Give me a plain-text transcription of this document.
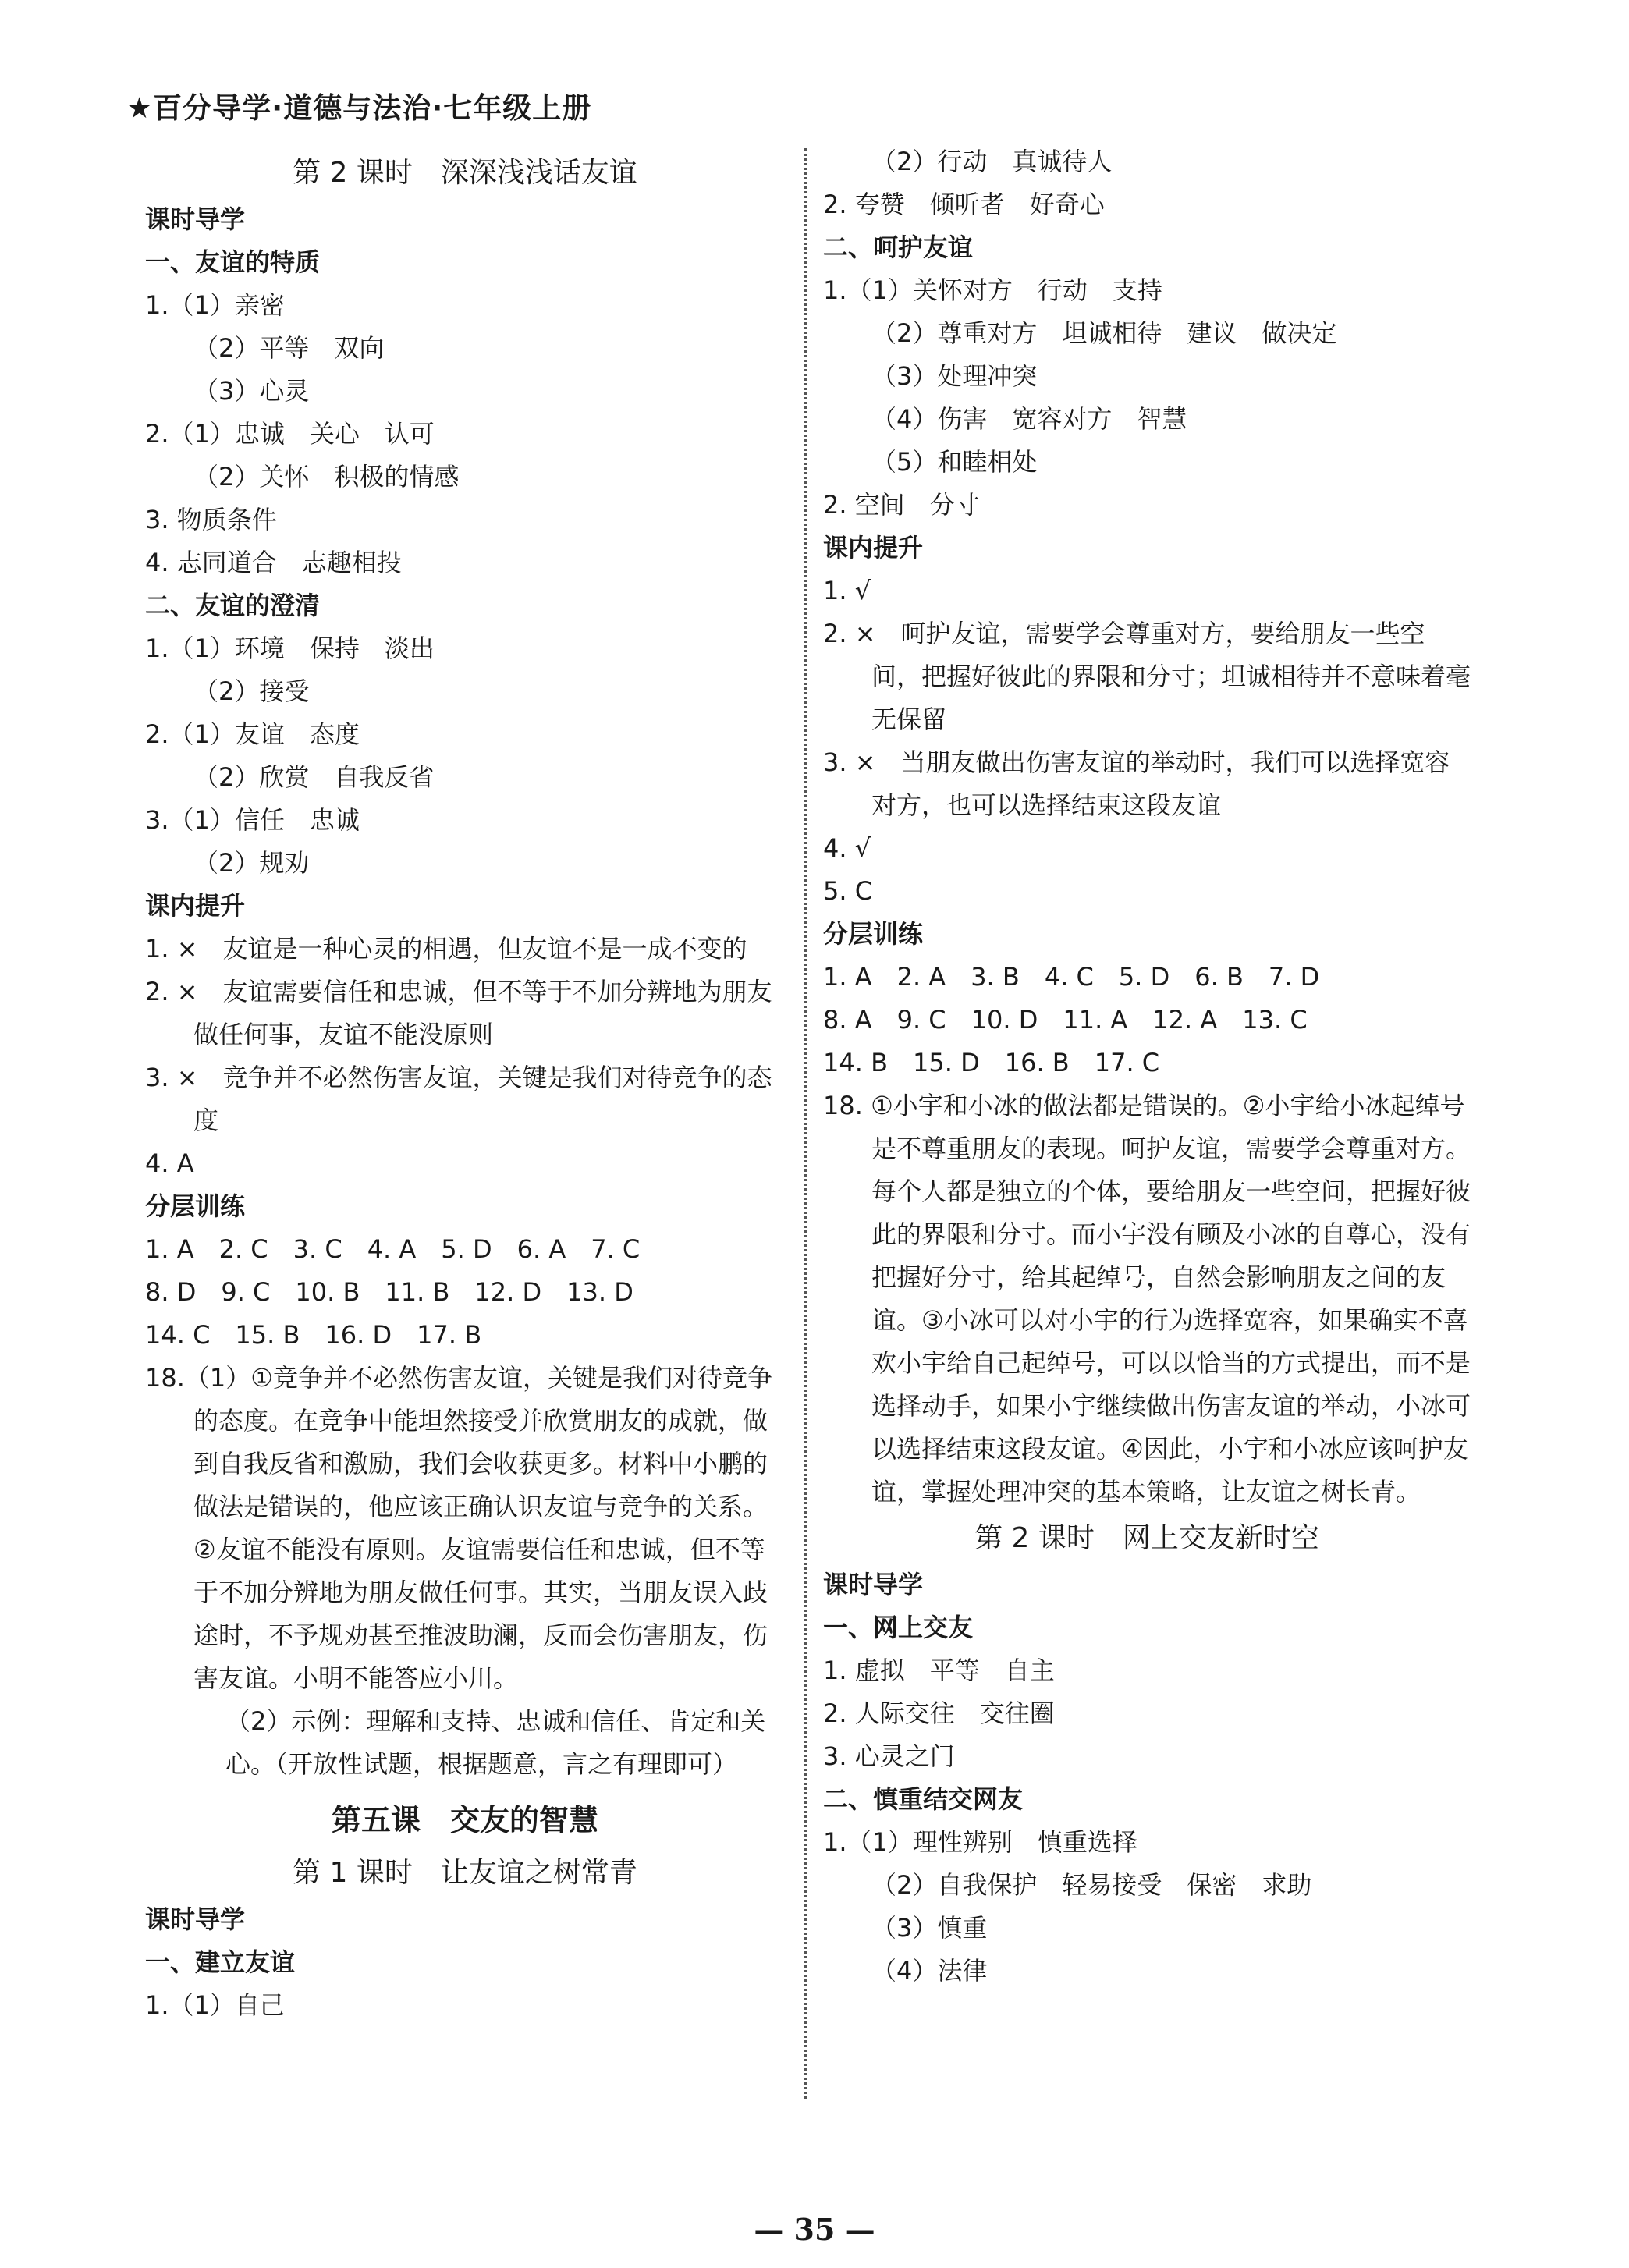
★百分导学·道德与法治·七年级上册
第 2 课时　深深浅浅话友谊
课时导学
一、友谊的特质
1.（1）亲密
（2）平等　双向
（3）心灵
2.（1）忠诚　关心　认可
（2）关怀　积极的情感
3. 物质条件
4. 志同道合　志趣相投
二、友谊的澄清
1.（1）环境　保持　淡出
（2）接受
2.（1）友谊　态度
（2）欣赏　自我反省
3.（1）信任　忠诚
（2）规劝
课内提升
1. ×　友谊是一种心灵的相遇，但友谊不是一成不变的
2. ×　友谊需要信任和忠诚，但不等于不加分辨地为朋友做任何事，友谊不能没原则
3. ×　竞争并不必然伤害友谊，关键是我们对待竞争的态度
4. A
分层训练
1. A　2. C　3. C　4. A　5. D　6. A　7. C
8. D　9. C　10. B　11. B　12. D　13. D
14. C　15. B　16. D　17. B
18.（1）①竞争并不必然伤害友谊，关键是我们对待竞争的态度。在竞争中能坦然接受并欣赏朋友的成就，做到自我反省和激励，我们会收获更多。材料中小鹏的做法是错误的，他应该正确认识友谊与竞争的关系。②友谊不能没有原则。友谊需要信任和忠诚，但不等于不加分辨地为朋友做任何事。其实，当朋友误入歧途时，不予规劝甚至推波助澜，反而会伤害朋友，伤害友谊。小明不能答应小川。
（2）示例：理解和支持、忠诚和信任、肯定和关心。（开放性试题，根据题意，言之有理即可）
第五课　交友的智慧
第 1 课时　让友谊之树常青
课时导学
一、建立友谊
1.（1）自己
（2）行动　真诚待人
2. 夸赞　倾听者　好奇心
二、呵护友谊
1.（1）关怀对方　行动　支持
（2）尊重对方　坦诚相待　建议　做决定
（3）处理冲突
（4）伤害　宽容对方　智慧
（5）和睦相处
2. 空间　分寸
课内提升
1. √
2. ×　呵护友谊，需要学会尊重对方，要给朋友一些空间，把握好彼此的界限和分寸；坦诚相待并不意味着毫无保留
3. ×　当朋友做出伤害友谊的举动时，我们可以选择宽容对方，也可以选择结束这段友谊
4. √
5. C
分层训练
1. A　2. A　3. B　4. C　5. D　6. B　7. D
8. A　9. C　10. D　11. A　12. A　13. C
14. B　15. D　16. B　17. C
18. ①小宇和小冰的做法都是错误的。②小宇给小冰起绰号是不尊重朋友的表现。呵护友谊，需要学会尊重对方。每个人都是独立的个体，要给朋友一些空间，把握好彼此的界限和分寸。而小宇没有顾及小冰的自尊心，没有把握好分寸，给其起绰号，自然会影响朋友之间的友谊。③小冰可以对小宇的行为选择宽容，如果确实不喜欢小宇给自己起绰号，可以以恰当的方式提出，而不是选择动手，如果小宇继续做出伤害友谊的举动，小冰可以选择结束这段友谊。④因此，小宇和小冰应该呵护友谊，掌握处理冲突的基本策略，让友谊之树长青。
第 2 课时　网上交友新时空
课时导学
一、网上交友
1. 虚拟　平等　自主
2. 人际交往　交往圈
3. 心灵之门
二、慎重结交网友
1.（1）理性辨别　慎重选择
（2）自我保护　轻易接受　保密　求助
（3）慎重
（4）法律
— 35 —
